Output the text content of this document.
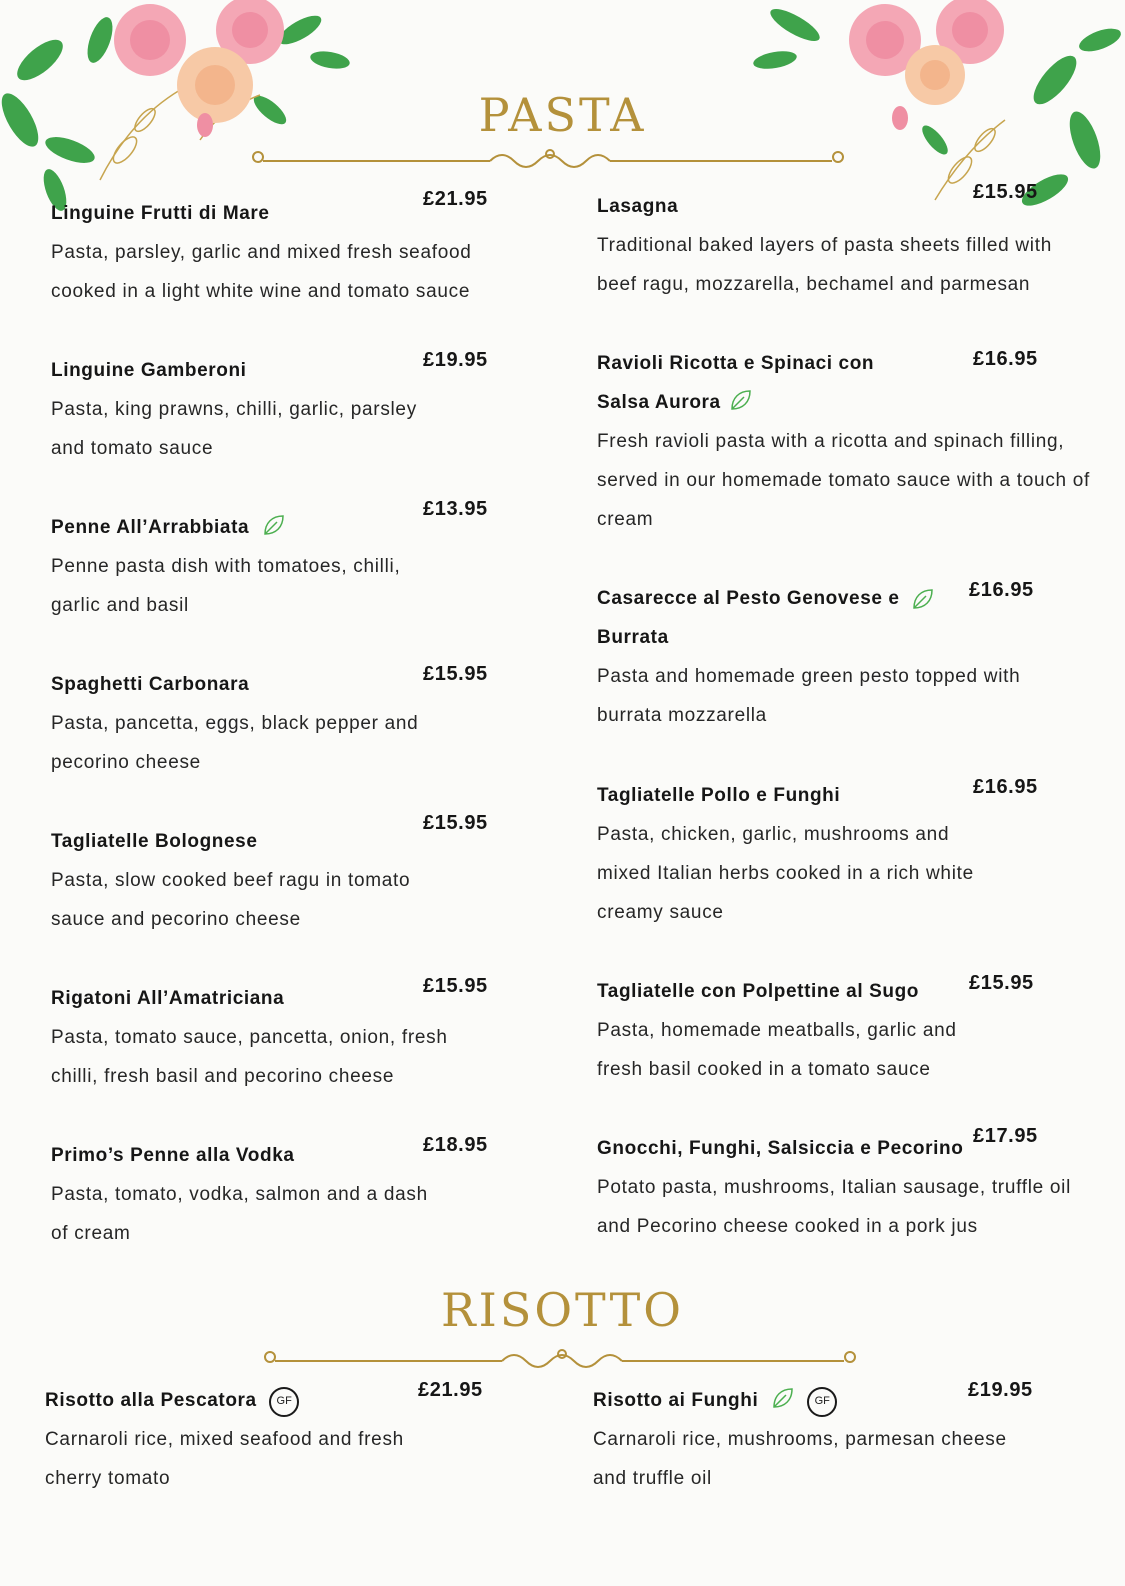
PASTA
Linguine Frutti di Mare
£21.95
Pasta, parsley, garlic and mixed fresh seafood cooked in a light white wine and tomato sauce
Linguine Gamberoni	£19.95
Pasta, king prawns, chilli, garlic, parsley and tomato sauce
Penne All’Arrabbiata
£13.95
Penne pasta dish with tomatoes, chilli, garlic and basil
Spaghetti Carbonara	£15.95
Pasta, pancetta, eggs, black pepper and pecorino cheese
Tagliatelle Bolognese
£15.95
Pasta, slow cooked beef ragu in tomato sauce and pecorino cheese
Rigatoni All’Amatriciana
£15.95
Pasta, tomato sauce, pancetta, onion, fresh chilli, fresh basil and pecorino cheese
Primo’s Penne alla Vodka	£18.95
Pasta, tomato, vodka, salmon and a dash of cream
Lasagna
£15.95
Traditional baked layers of pasta sheets filled with beef ragu, mozzarella, bechamel and parmesan
Ravioli Ricotta e Spinaci con Salsa Aurora
£16.95
Fresh ravioli pasta with a ricotta and spinach filling, served in our homemade tomato sauce with a touch of cream
Casarecce al Pesto Genovese e Burrata
£16.95
Pasta and homemade green pesto topped with burrata mozzarella
Tagliatelle Pollo e Funghi	£16.95
Pasta, chicken, garlic, mushrooms and mixed Italian herbs cooked in a rich white creamy sauce
Tagliatelle con Polpettine al Sugo	£15.95
Pasta, homemade meatballs, garlic and fresh basil cooked in a tomato sauce
Gnocchi, Funghi, Salsiccia e Pecorino
£17.95
Potato pasta, mushrooms, Italian sausage, truffle oil and Pecorino cheese cooked in a pork jus
RISOTTO
Risotto alla Pescatora GF	£21.95
Carnaroli rice, mixed seafood and fresh cherry tomato
Risotto ai Funghi	GF	£19.95
Carnaroli rice, mushrooms, parmesan cheese and truffle oil
